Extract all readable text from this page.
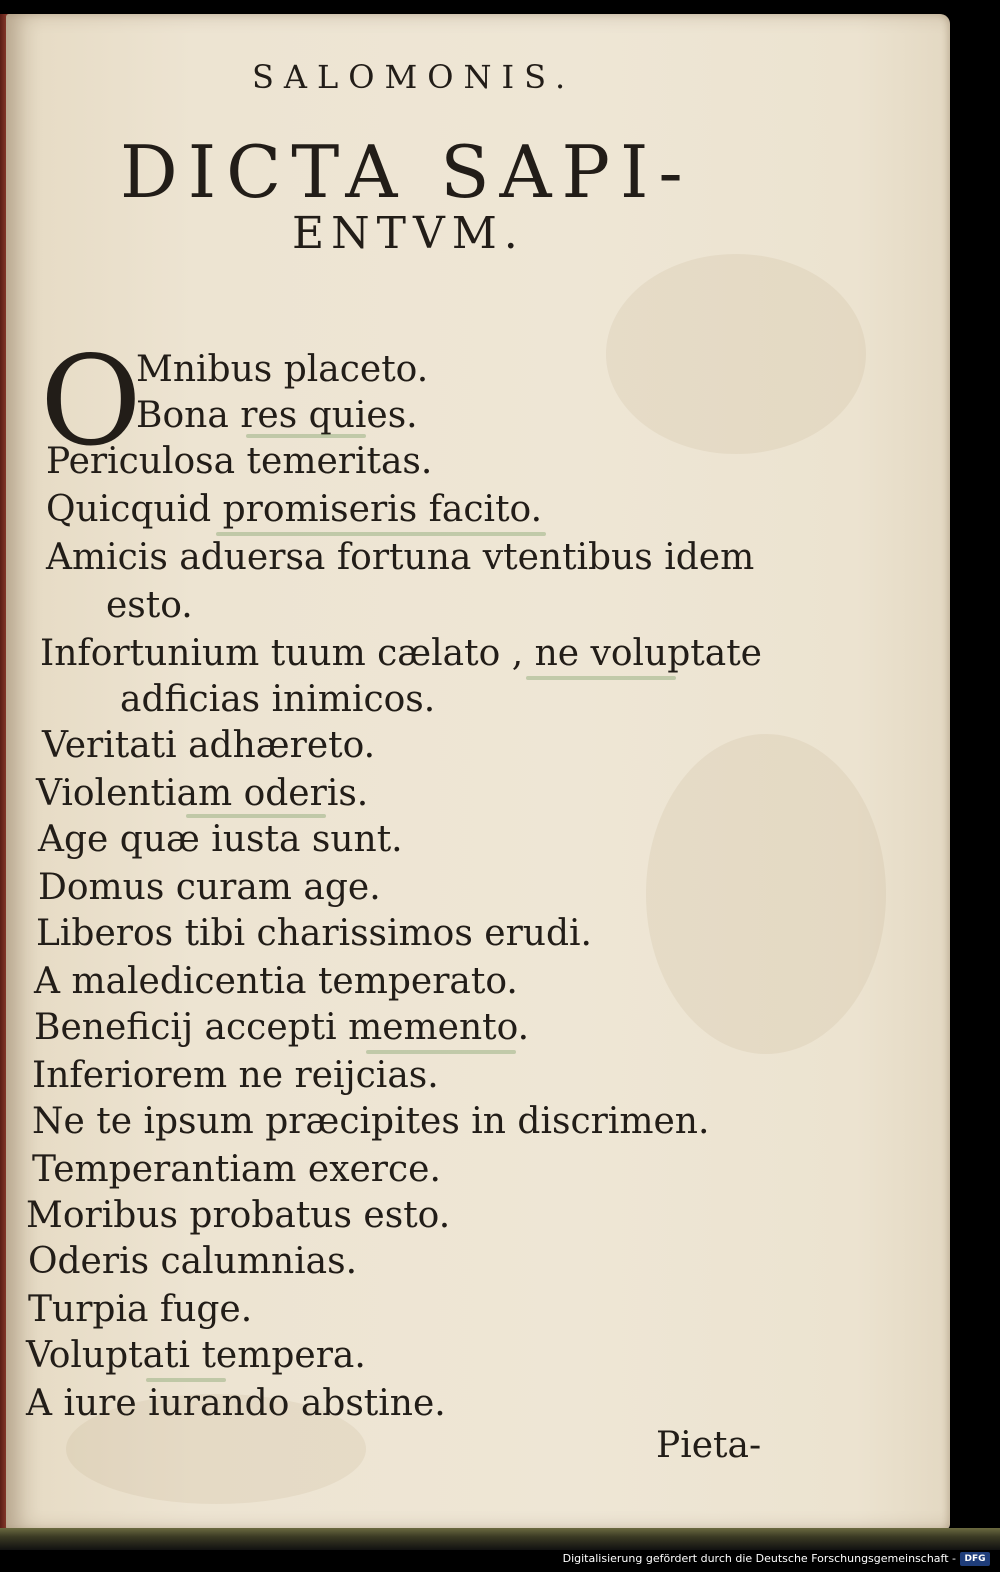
SALOMONIS.
DICTA SAPI-
ENTVM.
O
Mnibus placeto.
Bona res quies.
Periculosa temeritas.
Quicquid promiseris facito.
Amicis aduersa fortuna vtentibus idem
esto.
Infortunium tuum cælato , ne voluptate
adficias inimicos.
Veritati adhæreto.
Violentiam oderis.
Age quæ iusta sunt.
Domus curam age.
Liberos tibi charissimos erudi.
A maledicentia temperato.
Beneficij accepti memento.
Inferiorem ne reijcias.
Ne te ipsum præcipites in discrimen.
Temperantiam exerce.
Moribus probatus esto.
Oderis calumnias.
Turpia fuge.
Voluptati tempera.
A iure iurando abstine.
Pieta-
Digitalisierung gefördert durch die Deutsche Forschungsgemeinschaft - DFG
